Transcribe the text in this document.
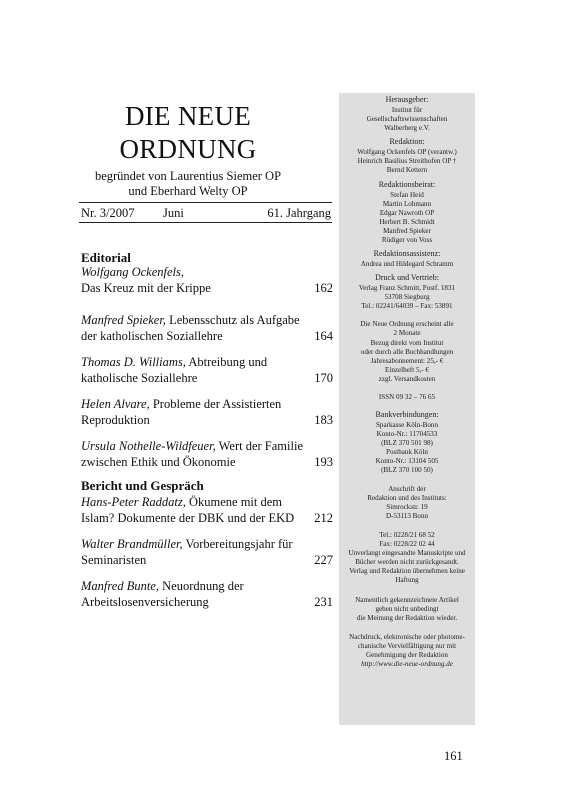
DIE NEUE
ORDNUNG
begründet von Laurentius Siemer OP
und Eberhard Welty OP
Nr. 3/2007 Juni	61. Jahrgang
Editorial
Wolfgang Ockenfels,
Das Kreuz mit der Krippe	162
Manfred Spieker, Lebensschutz als Aufgabe der katholischen Soziallehre	164
Thomas D. Williams, Abtreibung und katholische Soziallehre	170
Helen Alvare, Probleme der Assistierten Reproduktion	183
Ursula Nothelle-Wildfeuer, Wert der Familie zwischen Ethik und Ökonomie	193
Bericht und Gespräch
Hans-Peter Raddatz, Ökumene mit dem Islam? Dokumente der DBK und der EKD	212
Walter Brandmüller, Vorbereitungsjahr für Seminaristen	227
Manfred Bunte, Neuordnung der Arbeitslosenversicherung	231
Herausgeber:
Institut für
Gesellschaftswissenschaften
Walberberg e.V.
Redaktion:
Wolfgang Ockenfels OP (verantw.)
Heinrich Basilius Streithofen OP †
Bernd Kettern
Redaktionsbeirat:
Stefan Heid
Martin Lohmann
Edgar Nawroth OP
Herbert B. Schmidt
Manfred Spieker
Rüdiger von Voss
Redaktionsassistenz:
Andrea und Hildegard Schramm
Druck und Vertrieb:
Verlag Franz Schmitt, Postf. 1831
53708 Siegburg
Tel.: 02241/64039 – Fax: 53891
Die Neue Ordnung erscheint alle
2 Monate
Bezug direkt vom Institut
oder durch alle Buchhandlungen
Jahresabonnement: 25,- €
Einzelheft 5,- €
zzgl. Versandkosten
ISSN 09 32 – 76 65
Bankverbindungen:
Sparkasse Köln-Bonn
Konto-Nr.: 11704533
(BLZ 370 501 98)
Postbank Köln
Konto-Nr.: 13104 505
(BLZ 370 100 50)
Anschrift der
Redaktion und des Instituts:
Simrockstr. 19
D-53113 Bonn
Tel.: 0228/21 68 52
Fax: 0228/22 02 44
Unverlangt eingesandte Manuskripte und
Bücher werden nicht zurückgesandt.
Verlag und Redaktion übernehmen keine
Haftung
Namentlich gekennzeichnete Artikel
geben nicht unbedingt
die Meinung der Redaktion wieder.
Nachdruck, elektronische oder photome-
chanische Vervielfältigung nur mit
Genehmigung der Redaktion
http://www.die-neue-ordnung.de
161
